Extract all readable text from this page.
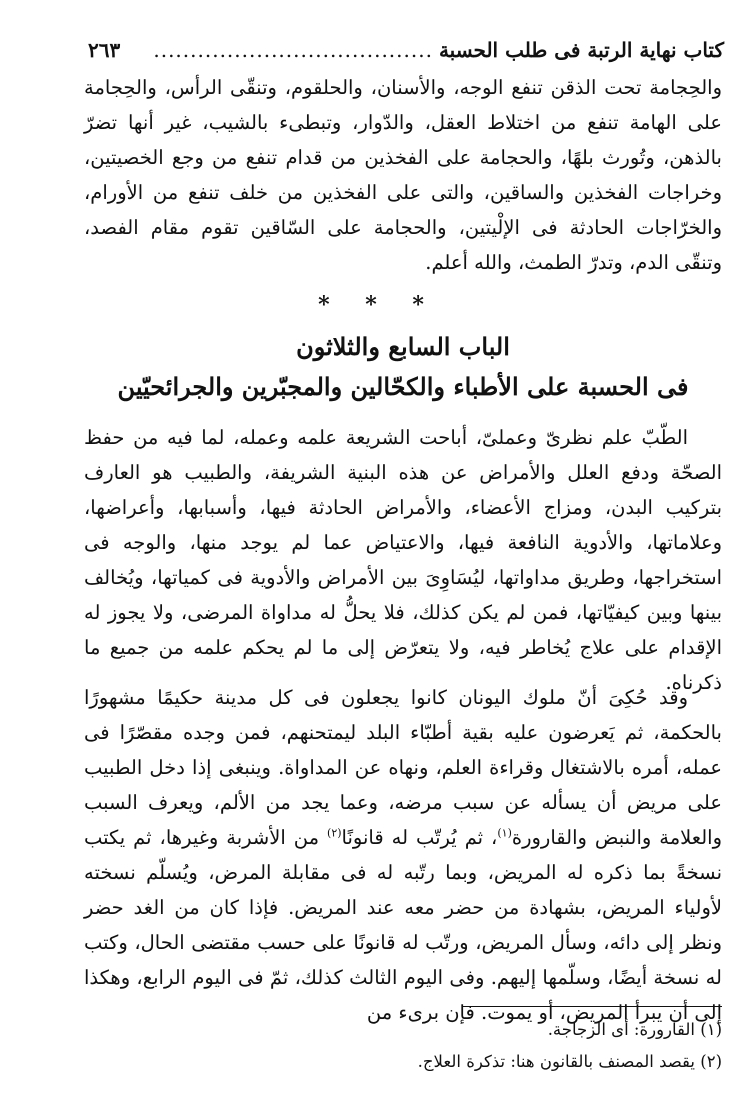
كتاب نهاية الرتبة فى طلب الحسبة
......................................
٢٦٣

والحِجامة تحت الذقن تنفع الوجه، والأسنان، والحلقوم، وتنقّى الرأس، والحِجامة على الهامة تنفع من اختلاط العقل، والدّوار، وتبطىء بالشيب، غير أنها تضرّ بالذهن، وتُورث بلهًا، والحجامة على الفخذين من قدام تنفع من وجع الخصيتين، وخراجات الفخذين والساقين، والتى على الفخذين من خلف تنفع من الأورام، والخرّاجات الحادثة فى الإلْيتين، والحجامة على السّاقين تقوم مقام الفصد، وتنقّى الدم، وتدرّ الطمث، والله أعلم.

* * *
الباب السابع والثلاثون
فى الحسبة على الأطباء والكحّالين والمجبّرين والجرائحيّين

الطّبّ علم نظرىّ وعملىّ، أباحت الشريعة علمه وعمله، لما فيه من حفظ الصحّة ودفع العلل والأمراض عن هذه البنية الشريفة، والطبيب هو العارف بتركيب البدن، ومزاج الأعضاء، والأمراض الحادثة فيها، وأسبابها، وأعراضها، وعلاماتها، والأدوية النافعة فيها، والاعتياض عما لم يوجد منها، والوجه فى استخراجها، وطريق مداواتها، ليُسَاوِىَ بين الأمراض والأدوية فى كمياتها، ويُخالف بينها وبين كيفيّاتها، فمن لم يكن كذلك، فلا يحلُّ له مداواة المرضى، ولا يجوز له الإقدام على علاج يُخاطر فيه، ولا يتعرّض إلى ما لم يحكم علمه من جميع ما ذكرناه.

وقد حُكِىَ أنّ ملوك اليونان كانوا يجعلون فى كل مدينة حكيمًا مشهورًا بالحكمة، ثم يَعرضون عليه بقية أطبّاء البلد ليمتحنهم، فمن وجده مقصّرًا فى عمله، أمره بالاشتغال وقراءة العلم، ونهاه عن المداواة. وينبغى إذا دخل الطبيب على مريض أن يسأله عن سبب مرضه، وعما يجد من الألم، ويعرف السبب والعلامة والنبض والقارورة$^{(١)}$، ثم يُرتّب له قانونًا$^{(٢)}$ من الأشربة وغيرها، ثم يكتب نسخةً بما ذكره له المريض، وبما رتّبه له فى مقابلة المرض، ويُسلّم نسخته لأولياء المريض، بشهادة من حضر معه عند المريض. فإذا كان من الغد حضر ونظر إلى دائه، وسأل المريض، ورتّب له قانونًا على حسب مقتضى الحال، وكتب له نسخة أيضًا، وسلّمها إليهم. وفى اليوم الثالث كذلك، ثمّ فى اليوم الرابع، وهكذا إلى أن يبرأ المريض، أو يموت. فإن برىء من

(١) القارورة: أى الزجاجة.

(٢) يقصد المصنف بالقانون هنا: تذكرة العلاج.
